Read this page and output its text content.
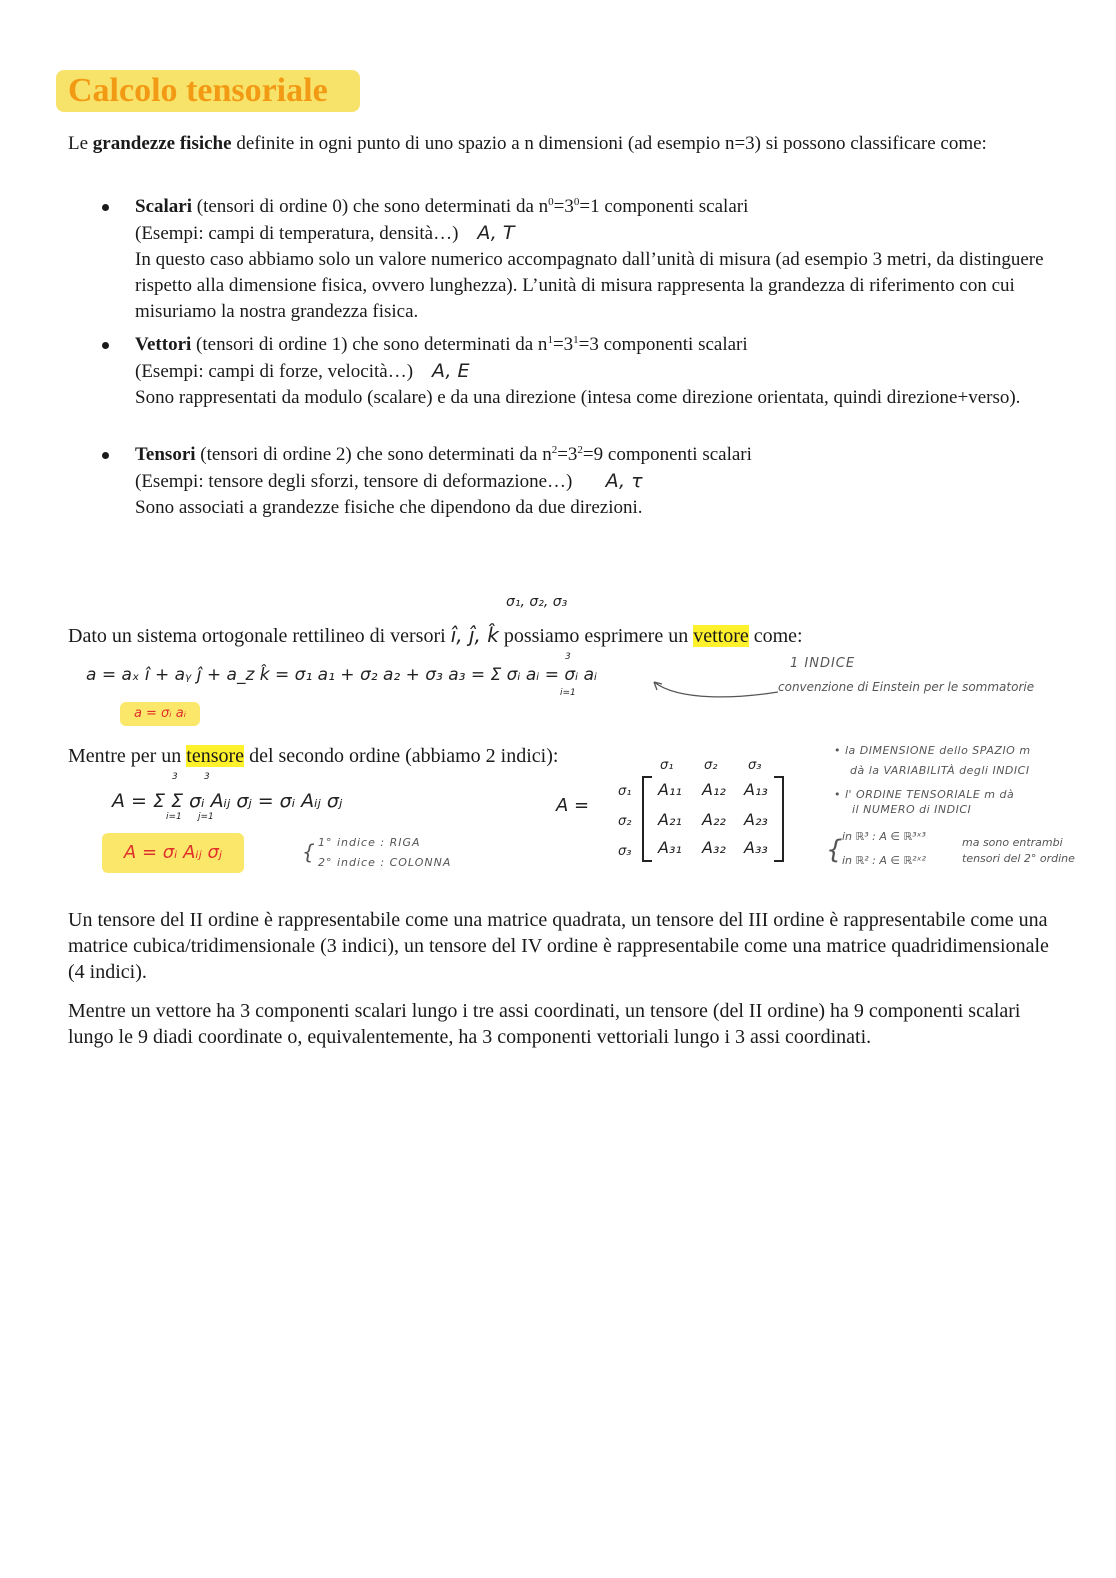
Calcolo tensoriale
Le grandezze fisiche definite in ogni punto di uno spazio a n dimensioni (ad esempio n=3) si possono classificare come:
Scalari (tensori di ordine 0) che sono determinati da $n^0=3^0=1$ componenti scalari
(Esempi: campi di temperatura, densità…) A, T
In questo caso abbiamo solo un valore numerico accompagnato dall’unità di misura (ad esempio 3 metri, da distinguere rispetto alla dimensione fisica, ovvero lunghezza). L’unità di misura rappresenta la grandezza di riferimento con cui misuriamo la nostra grandezza fisica.
Vettori (tensori di ordine 1) che sono determinati da $n^1=3^1=3$ componenti scalari
(Esempi: campi di forze, velocità…) A, E
Sono rappresentati da modulo (scalare) e da una direzione (intesa come direzione orientata, quindi direzione+verso).
Tensori (tensori di ordine 2) che sono determinati da $n^2=3^2=9$ componenti scalari
(Esempi: tensore degli sforzi, tensore di deformazione…) A, τ
Sono associati a grandezze fisiche che dipendono da due direzioni.
σ₁, σ₂, σ₃
Dato un sistema ortogonale rettilineo di versori î, ĵ, k̂ possiamo esprimere un vettore come:
a = aₓ î + aᵧ ĵ + a_z k̂ = σ₁ a₁ + σ₂ a₂ + σ₃ a₃ = Σ σᵢ aᵢ = σᵢ aᵢ
3
i=1
1 INDICE
convenzione di Einstein per le sommatorie
a = σᵢ aᵢ
Mentre per un tensore del secondo ordine (abbiamo 2 indici):
3	3
A = Σ Σ σᵢ Aᵢⱼ σⱼ = σᵢ Aᵢⱼ σⱼ
i=1 j=1
A = σᵢ Aᵢⱼ σⱼ	{ 1° indice : RIGA
2° indice : COLONNA
A =
σ₁ σ₂ σ₃
σ₁
σ₂
σ₃
A₁₁ A₁₂ A₁₃
A₂₁ A₂₂ A₂₃
A₃₁ A₃₂ A₃₃
• la DIMENSIONE dello SPAZIO m
dà la VARIABILITÀ degli INDICI
• l' ORDINE TENSORIALE m dà
il NUMERO di INDICI
{ in ℝ³ : A ∈ ℝ³ˣ³
in ℝ² : A ∈ ℝ²ˣ²
ma sono entrambi
tensori del 2° ordine
Un tensore del II ordine è rappresentabile come una matrice quadrata, un tensore del III ordine è rappresentabile come una matrice cubica/tridimensionale (3 indici), un tensore del IV ordine è rappresentabile come una matrice quadridimensionale (4 indici).
Mentre un vettore ha 3 componenti scalari lungo i tre assi coordinati, un tensore (del II ordine) ha 9 componenti scalari lungo le 9 diadi coordinate o, equivalentemente, ha 3 componenti vettoriali lungo i 3 assi coordinati.
